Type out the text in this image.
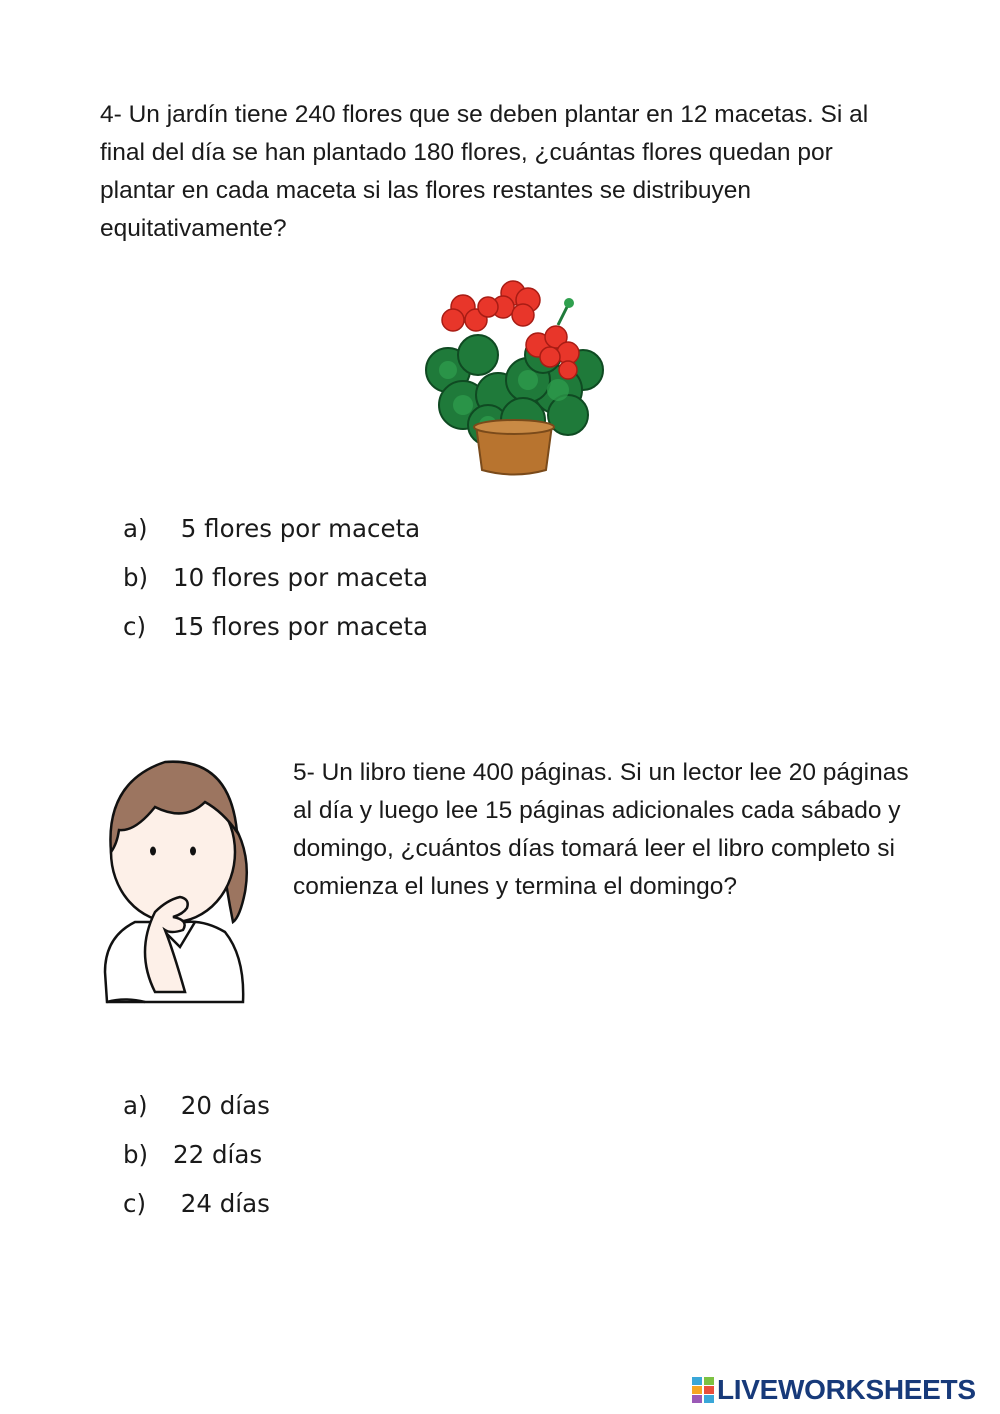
4- Un jardín tiene 240 flores que se deben plantar en 12 macetas. Si al final del día se han plantado 180 flores, ¿cuántas flores quedan por plantar en cada maceta si las flores restantes se distribuyen equitativamente?

a) 5 flores por maceta
b) 10 flores por maceta
c) 15 flores por maceta

5- Un libro tiene 400 páginas. Si un lector lee 20 páginas al día y luego lee 15 páginas adicionales cada sábado y domingo, ¿cuántos días tomará leer el libro completo si comienza el lunes y termina el domingo?

a) 20 días
b) 22 días
c) 24 días
LIVEWORKSHEETS
